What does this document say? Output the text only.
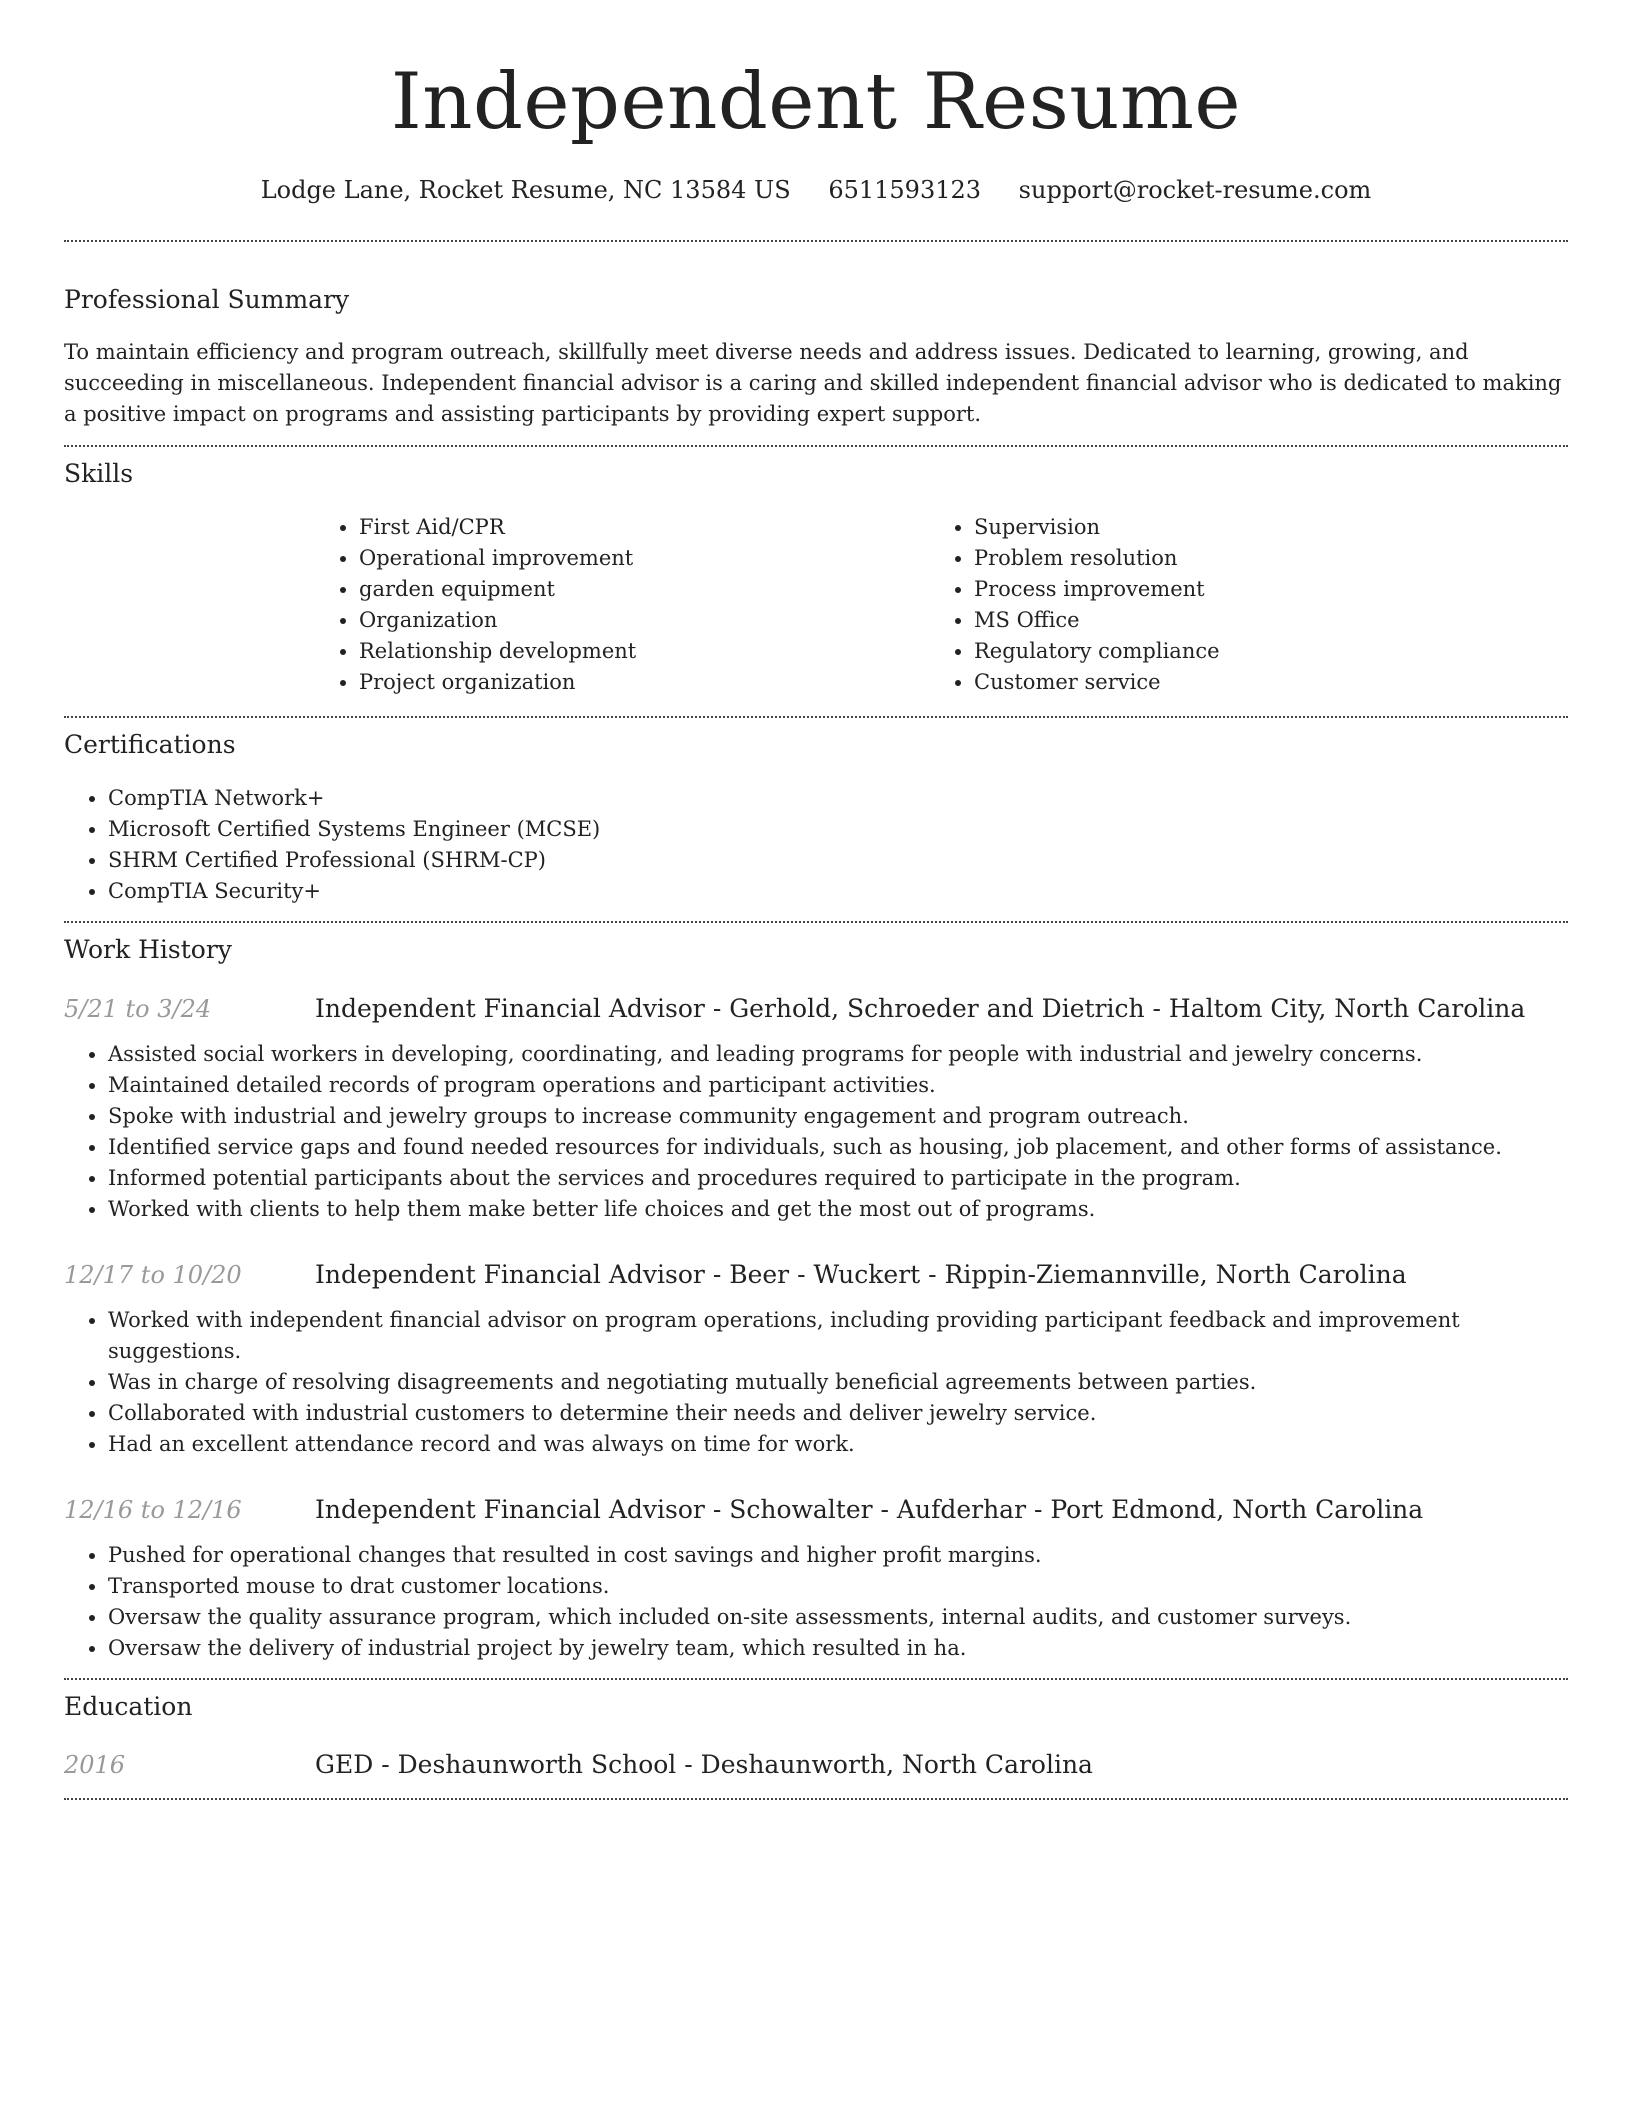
Independent Resume
Lodge Lane, Rocket Resume, NC 13584 US 6511593123 support@rocket-resume.com
Professional Summary

To maintain efficiency and program outreach, skillfully meet diverse needs and address issues. Dedicated to learning, growing, and succeeding in miscellaneous. Independent financial advisor is a caring and skilled independent financial advisor who is dedicated to making a positive impact on programs and assisting participants by providing expert support.

Skills
• First Aid/CPR
• Operational improvement
• garden equipment
• Organization
• Relationship development
• Project organization
• Supervision
• Problem resolution
• Process improvement
• MS Office
• Regulatory compliance
• Customer service
Certifications
• CompTIA Network+
• Microsoft Certified Systems Engineer (MCSE)
• SHRM Certified Professional (SHRM-CP)
• CompTIA Security+
Work History
5/21 to 3/24	Independent Financial Advisor - Gerhold, Schroeder and Dietrich - Haltom City, North Carolina
• Assisted social workers in developing, coordinating, and leading programs for people with industrial and jewelry concerns.
• Maintained detailed records of program operations and participant activities.
• Spoke with industrial and jewelry groups to increase community engagement and program outreach.
• Identified service gaps and found needed resources for individuals, such as housing, job placement, and other forms of assistance.
• Informed potential participants about the services and procedures required to participate in the program.
• Worked with clients to help them make better life choices and get the most out of programs.
12/17 to 10/20	Independent Financial Advisor - Beer - Wuckert - Rippin-Ziemannville, North Carolina
• Worked with independent financial advisor on program operations, including providing participant feedback and improvement suggestions.
• Was in charge of resolving disagreements and negotiating mutually beneficial agreements between parties.
• Collaborated with industrial customers to determine their needs and deliver jewelry service.
• Had an excellent attendance record and was always on time for work.
12/16 to 12/16	Independent Financial Advisor - Schowalter - Aufderhar - Port Edmond, North Carolina
• Pushed for operational changes that resulted in cost savings and higher profit margins.
• Transported mouse to drat customer locations.
• Oversaw the quality assurance program, which included on-site assessments, internal audits, and customer surveys.
• Oversaw the delivery of industrial project by jewelry team, which resulted in ha.
Education
2016	GED - Deshaunworth School - Deshaunworth, North Carolina
